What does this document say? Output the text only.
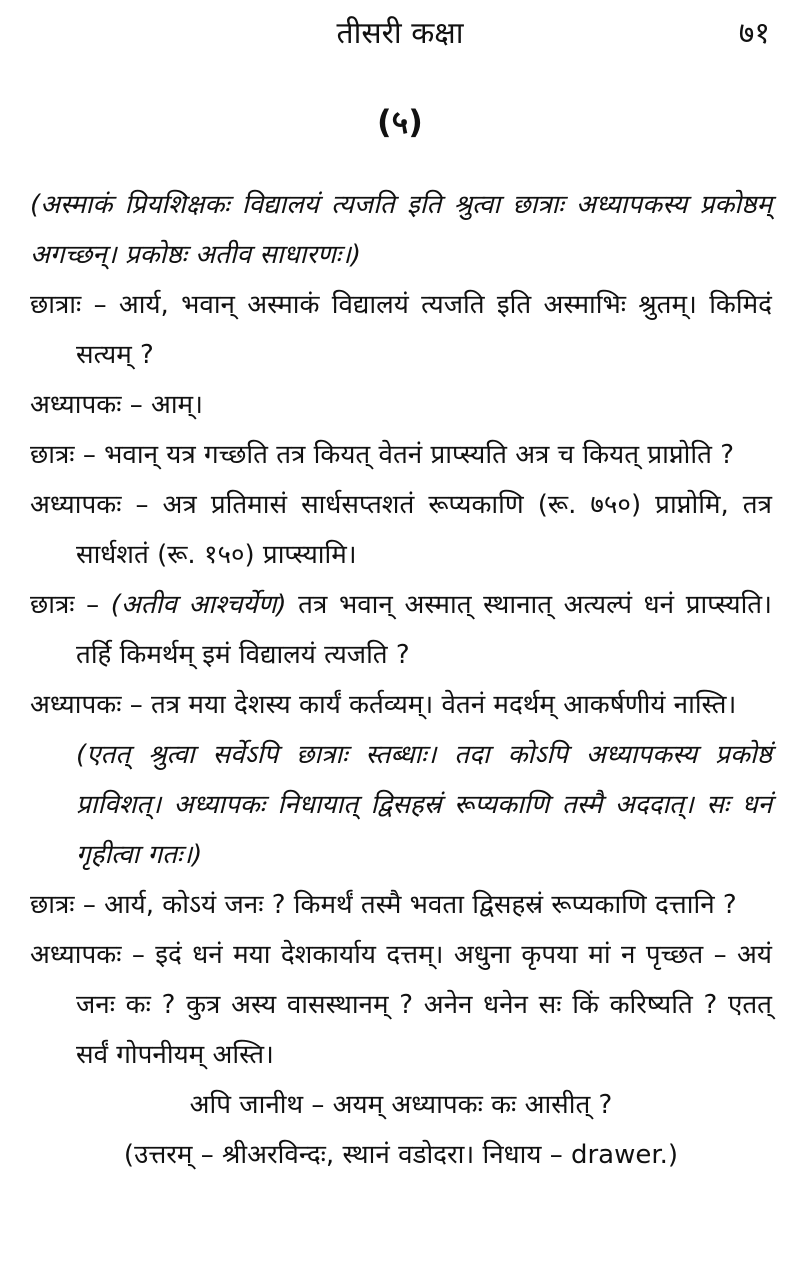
तीसरी कक्षा	७१
(५)

(अस्माकं प्रियशिक्षकः विद्यालयं त्यजति इति श्रुत्वा छात्राः अध्यापकस्य प्रकोष्ठम् अगच्छन्। प्रकोष्ठः अतीव साधारणः।)

छात्राः – आर्य, भवान् अस्माकं विद्यालयं त्यजति इति अस्माभिः श्रुतम्। किमिदं सत्यम् ?

अध्यापकः – आम्।

छात्रः – भवान् यत्र गच्छति तत्र कियत् वेतनं प्राप्स्यति अत्र च कियत् प्राप्नोति ?

अध्यापकः – अत्र प्रतिमासं सार्धसप्तशतं रूप्यकाणि (रू. ७५०) प्राप्नोमि, तत्र सार्धशतं (रू. १५०) प्राप्स्यामि।

छात्रः – (अतीव आश्चर्येण) तत्र भवान् अस्मात् स्थानात् अत्यल्पं धनं प्राप्स्यति। तर्हि किमर्थम् इमं विद्यालयं त्यजति ?

अध्यापकः – तत्र मया देशस्य कार्यं कर्तव्यम्। वेतनं मदर्थम् आकर्षणीयं नास्ति।

(एतत् श्रुत्वा सर्वेऽपि छात्राः स्तब्धाः। तदा कोऽपि अध्यापकस्य प्रकोष्ठं प्राविशत्। अध्यापकः निधायात् द्विसहस्रं रूप्यकाणि तस्मै अददात्। सः धनं गृहीत्वा गतः।)

छात्रः – आर्य, कोऽयं जनः ? किमर्थं तस्मै भवता द्विसहस्रं रूप्यकाणि दत्तानि ?

अध्यापकः – इदं धनं मया देशकार्याय दत्तम्। अधुना कृपया मां न पृच्छत – अयं जनः कः ? कुत्र अस्य वासस्थानम् ? अनेन धनेन सः किं करिष्यति ? एतत् सर्वं गोपनीयम् अस्ति।

अपि जानीथ – अयम् अध्यापकः कः आसीत् ?

(उत्तरम् – श्रीअरविन्दः, स्थानं वडोदरा। निधाय – drawer.)
